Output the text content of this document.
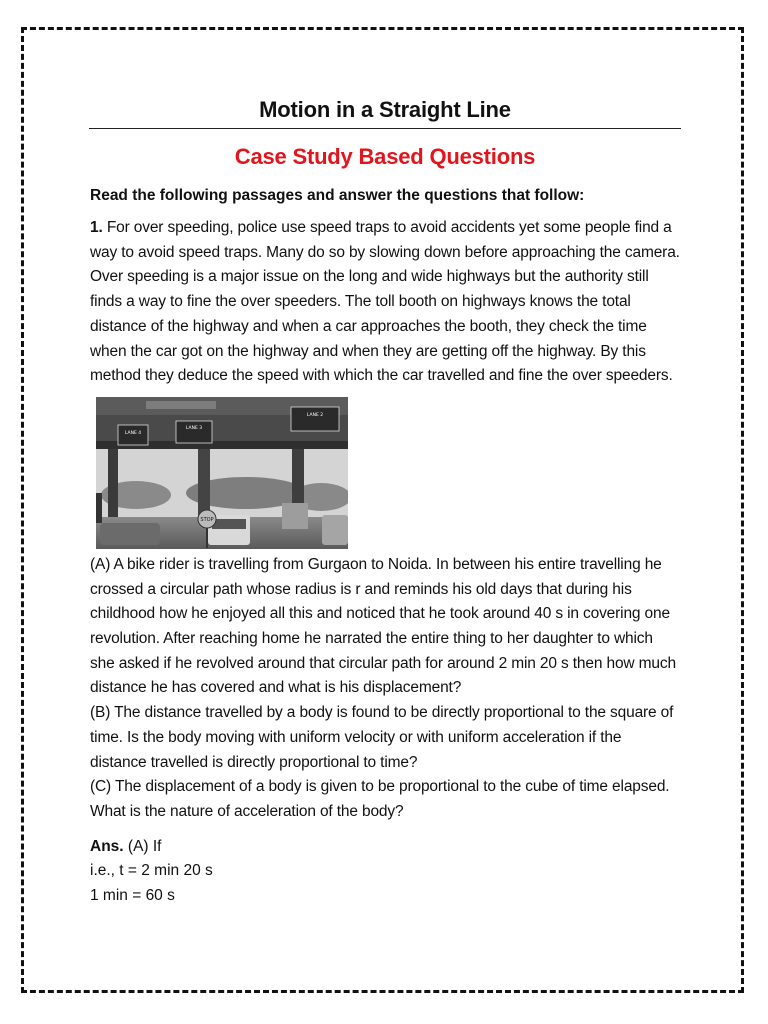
Motion in a Straight Line
Case Study Based Questions

Read the following passages and answer the questions that follow:

1. For over speeding, police use speed traps to avoid accidents yet some people find a way to avoid speed traps. Many do so by slowing down before approaching the camera. Over speeding is a major issue on the long and wide highways but the authority still finds a way to fine the over speeders. The toll booth on highways knows the total distance of the highway and when a car approaches the booth, they check the time when the car got on the highway and when they are getting off the highway. By this method they deduce the speed with which the car travelled and fine the over speeders.

LANE 4
LANE 3
LANE 2
STOP

(A) A bike rider is travelling from Gurgaon to Noida. In between his entire travelling he crossed a circular path whose radius is r and reminds his old days that during his childhood how he enjoyed all this and noticed that he took around 40 s in covering one revolution. After reaching home he narrated the entire thing to her daughter to which she asked if he revolved around that circular path for around 2 min 20 s then how much distance he has covered and what is his displacement?

(B) The distance travelled by a body is found to be directly proportional to the square of time. Is the body moving with uniform velocity or with uniform acceleration if the distance travelled is directly proportional to time?

(C) The displacement of a body is given to be proportional to the cube of time elapsed. What is the nature of acceleration of the body?

Ans. (A) If

i.e., t = 2 min 20 s

1 min = 60 s
